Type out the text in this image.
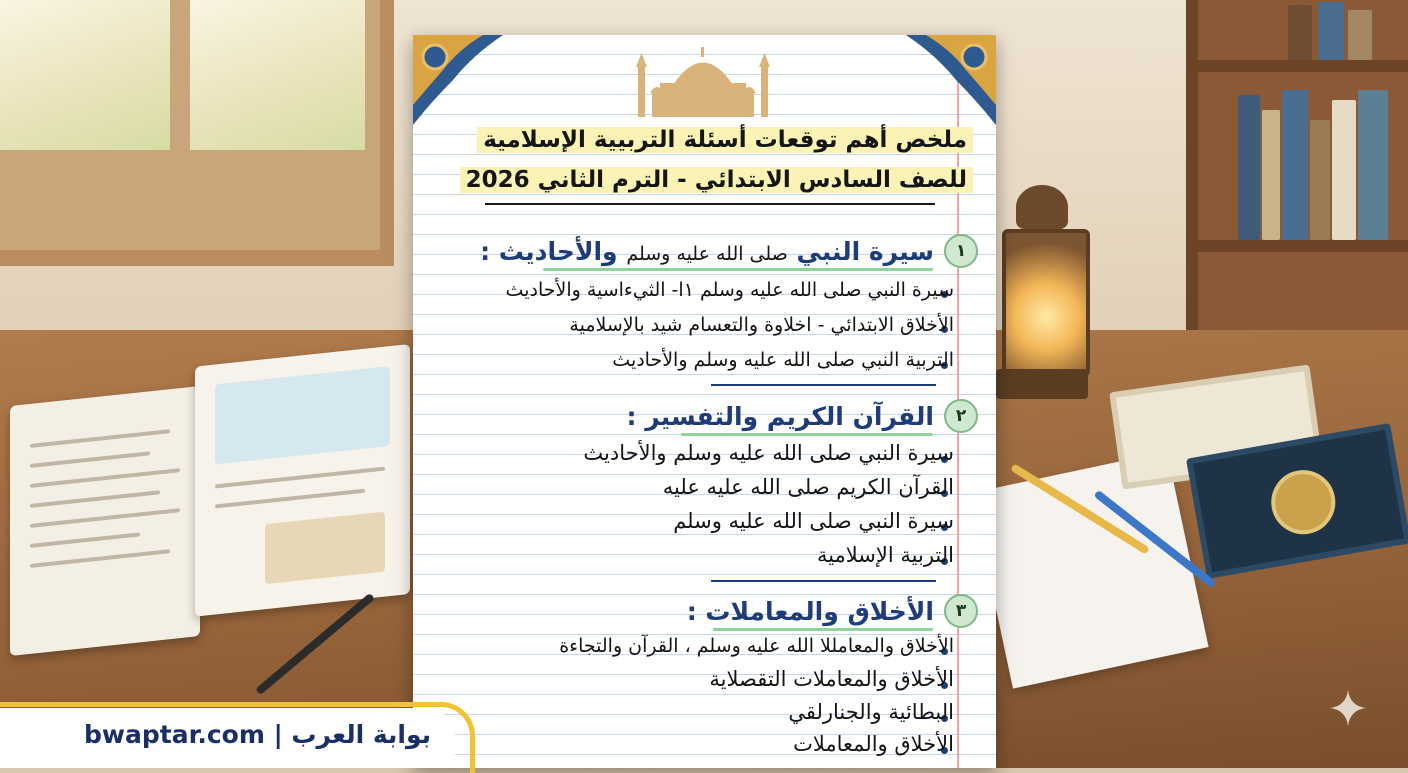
ملخص أهم توقعات أسئلة التربيية الإسلامية
للصف السادس الابتدائي - الترم الثاني 2026
١
سيرة النبي صلى الله عليه وسلم والأحاديث :
سيرة النبي صلى الله عليه وسلم ١ا- الثيءاسية والأحاديث
الأخلاق الابتدائي - اخلاوة والتعسام شيد بالإسلامية
التربية النبي صلى الله عليه وسلم والأحاديث
٢
القرآن الكريم والتفسير :
سيرة النبي صلى الله عليه وسلم والأحاديث
القرآن الكريم صلى الله عليه عليه
سيرة النبي صلى الله عليه وسلم
التربية الإسلامية
٣
الأخلاق والمعاملات :
الأخلاق والمعامللا الله عليه وسلم ، القرآن والتجاءة
الأخلاق والمعاملات التقصلاية
البطائية والجنارلقي
الأخلاق والمعاملات
bwaptar.com | بوابة العرب
